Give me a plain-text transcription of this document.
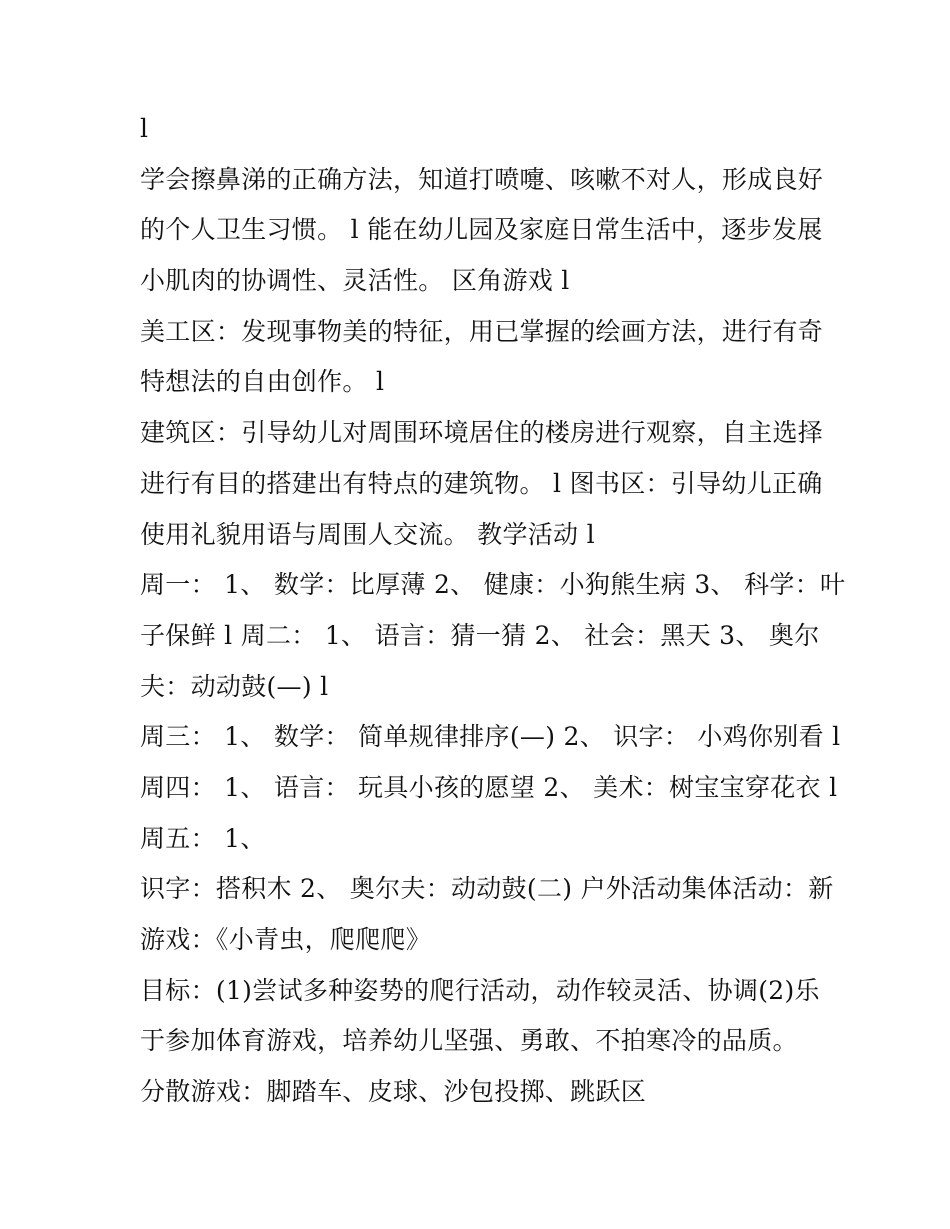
l
学会擦鼻涕的正确方法，知道打喷嚏、咳嗽不对人，形成良好
的个人卫生习惯。 l 能在幼儿园及家庭日常生活中，逐步发展
小肌肉的协调性、灵活性。 区角游戏 l
美工区：发现事物美的特征，用已掌握的绘画方法，进行有奇
特想法的自由创作。 l
建筑区：引导幼儿对周围环境居住的楼房进行观察，自主选择
进行有目的搭建出有特点的建筑物。 l 图书区：引导幼儿正确
使用礼貌用语与周围人交流。 教学活动 l
周一： 1、 数学：比厚薄 2、 健康：小狗熊生病 3、 科学：叶
子保鲜 l 周二： 1、 语言：猜一猜 2、 社会：黑天 3、 奥尔
夫：动动鼓(—) l
周三： 1、 数学： 简单规律排序(—) 2、 识字： 小鸡你别看 l
周四： 1、 语言： 玩具小孩的愿望 2、 美术：树宝宝穿花衣 l
周五： 1、
识字：搭积木 2、 奥尔夫：动动鼓(二) 户外活动集体活动：新
游戏：《小青虫，爬爬爬》
目标：(1)尝试多种姿势的爬行活动，动作较灵活、协调(2)乐
于参加体育游戏，培养幼儿坚强、勇敢、不拍寒冷的品质。
分散游戏：脚踏车、皮球、沙包投掷、跳跃区
